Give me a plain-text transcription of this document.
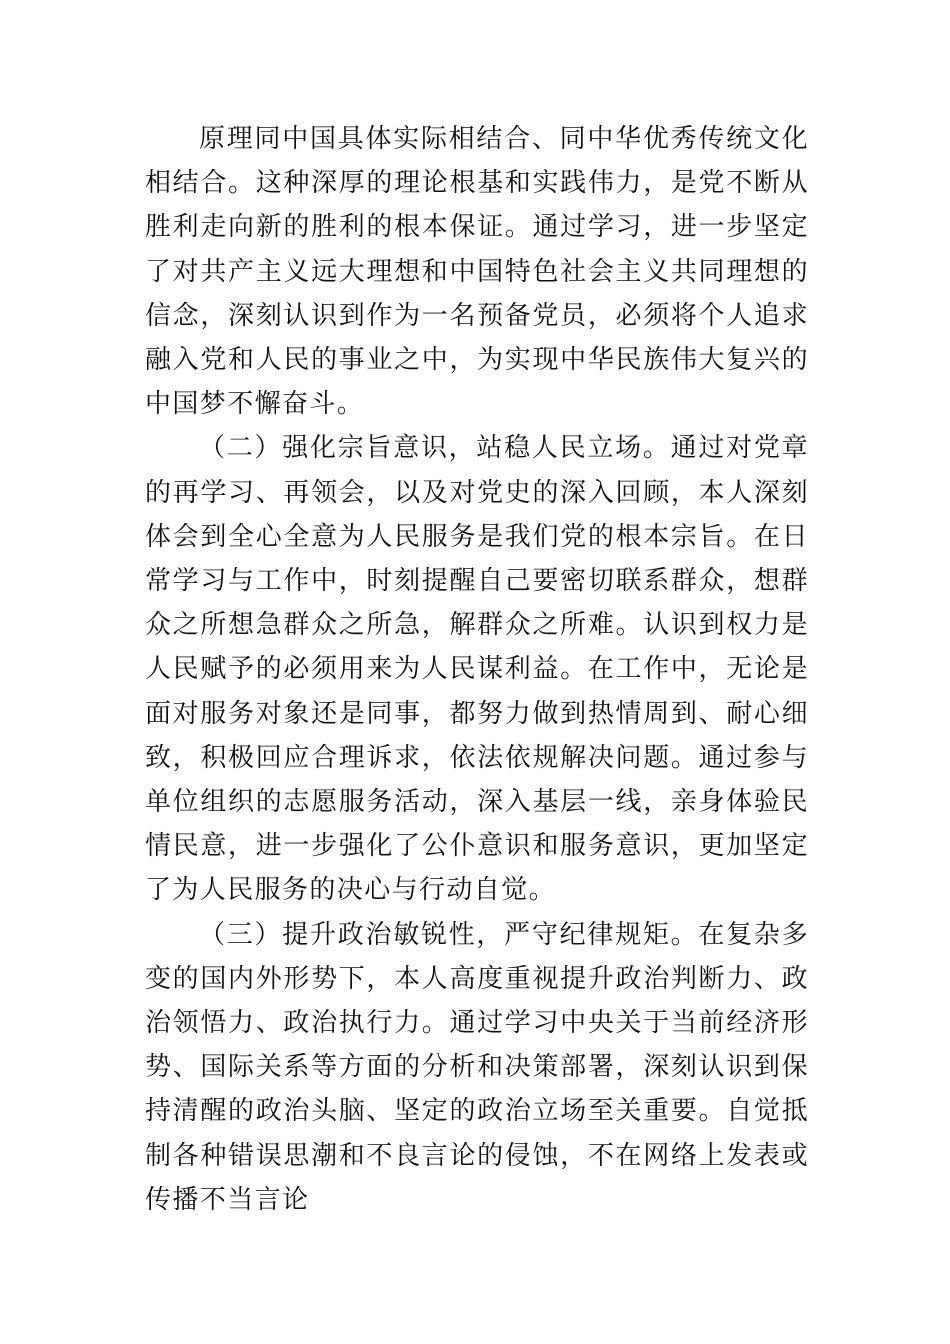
原理同中国具体实际相结合、同中华优秀传统文化相结合。这种深厚的理论根基和实践伟力，是党不断从胜利走向新的胜利的根本保证。通过学习，进一步坚定了对共产主义远大理想和中国特色社会主义共同理想的信念，深刻认识到作为一名预备党员，必须将个人追求融入党和人民的事业之中，为实现中华民族伟大复兴的中国梦不懈奋斗。

（二）强化宗旨意识，站稳人民立场。通过对党章的再学习、再领会，以及对党史的深入回顾，本人深刻体会到全心全意为人民服务是我们党的根本宗旨。在日常学习与工作中，时刻提醒自己要密切联系群众，想群众之所想急群众之所急，解群众之所难。认识到权力是人民赋予的必须用来为人民谋利益。在工作中，无论是面对服务对象还是同事，都努力做到热情周到、耐心细致，积极回应合理诉求，依法依规解决问题。通过参与单位组织的志愿服务活动，深入基层一线，亲身体验民情民意，进一步强化了公仆意识和服务意识，更加坚定了为人民服务的决心与行动自觉。

（三）提升政治敏锐性，严守纪律规矩。在复杂多变的国内外形势下，本人高度重视提升政治判断力、政治领悟力、政治执行力。通过学习中央关于当前经济形势、国际关系等方面的分析和决策部署，深刻认识到保持清醒的政治头脑、坚定的政治立场至关重要。自觉抵制各种错误思潮和不良言论的侵蚀，不在网络上发表或传播不当言论
